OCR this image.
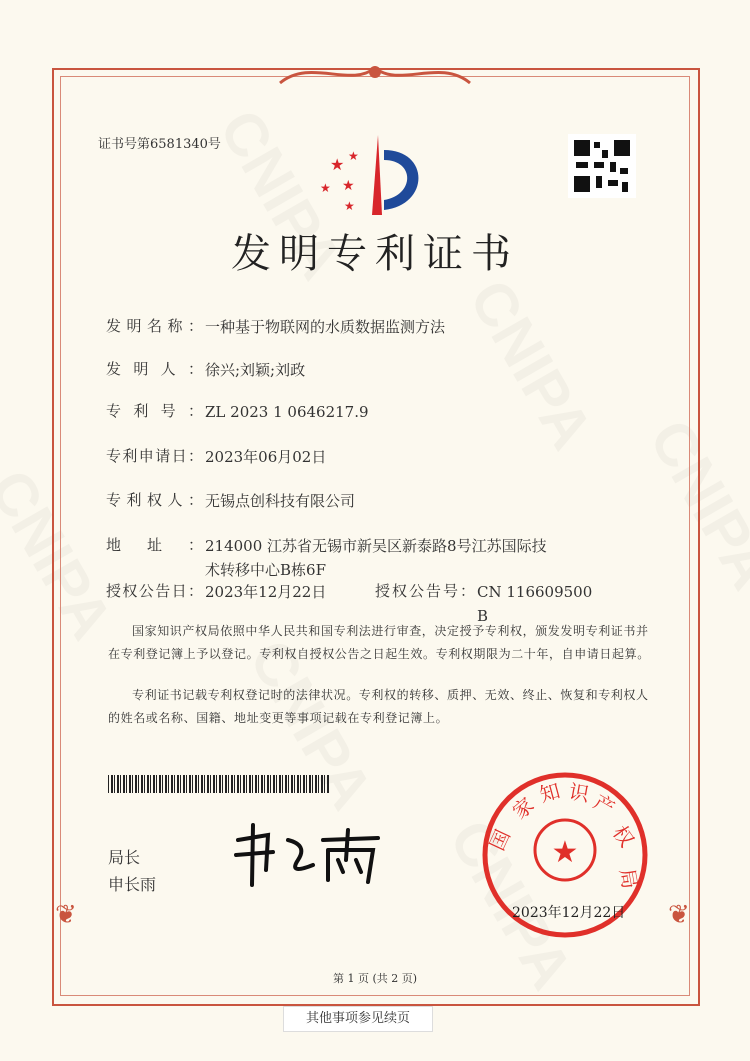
❦	❦
证书号第6581340号
★
★
★
★
★
发明专利证书
发明名称： 一种基于物联网的水质数据监测方法
发明人： 徐兴;刘颖;刘政
专利号： ZL 2023 1 0646217.9
专利申请日： 2023年06月02日
专利权人： 无锡点创科技有限公司
地址： 214000 江苏省无锡市新吴区新泰路8号江苏国际技术转移中心B栋6F
授权公告日： 2023年12月22日	授权公告号： CN 116609500 B
国家知识产权局依照中华人民共和国专利法进行审查，决定授予专利权，颁发发明专利证书并在专利登记簿上予以登记。专利权自授权公告之日起生效。专利权期限为二十年，自申请日起算。
专利证书记载专利权登记时的法律状况。专利权的转移、质押、无效、终止、恢复和专利权人的姓名或名称、国籍、地址变更等事项记载在专利登记簿上。
局长
申长雨
★
家
知 识
产
权
国
局
2023年12月22日
第 1 页 (共 2 页)
其他事项参见续页
